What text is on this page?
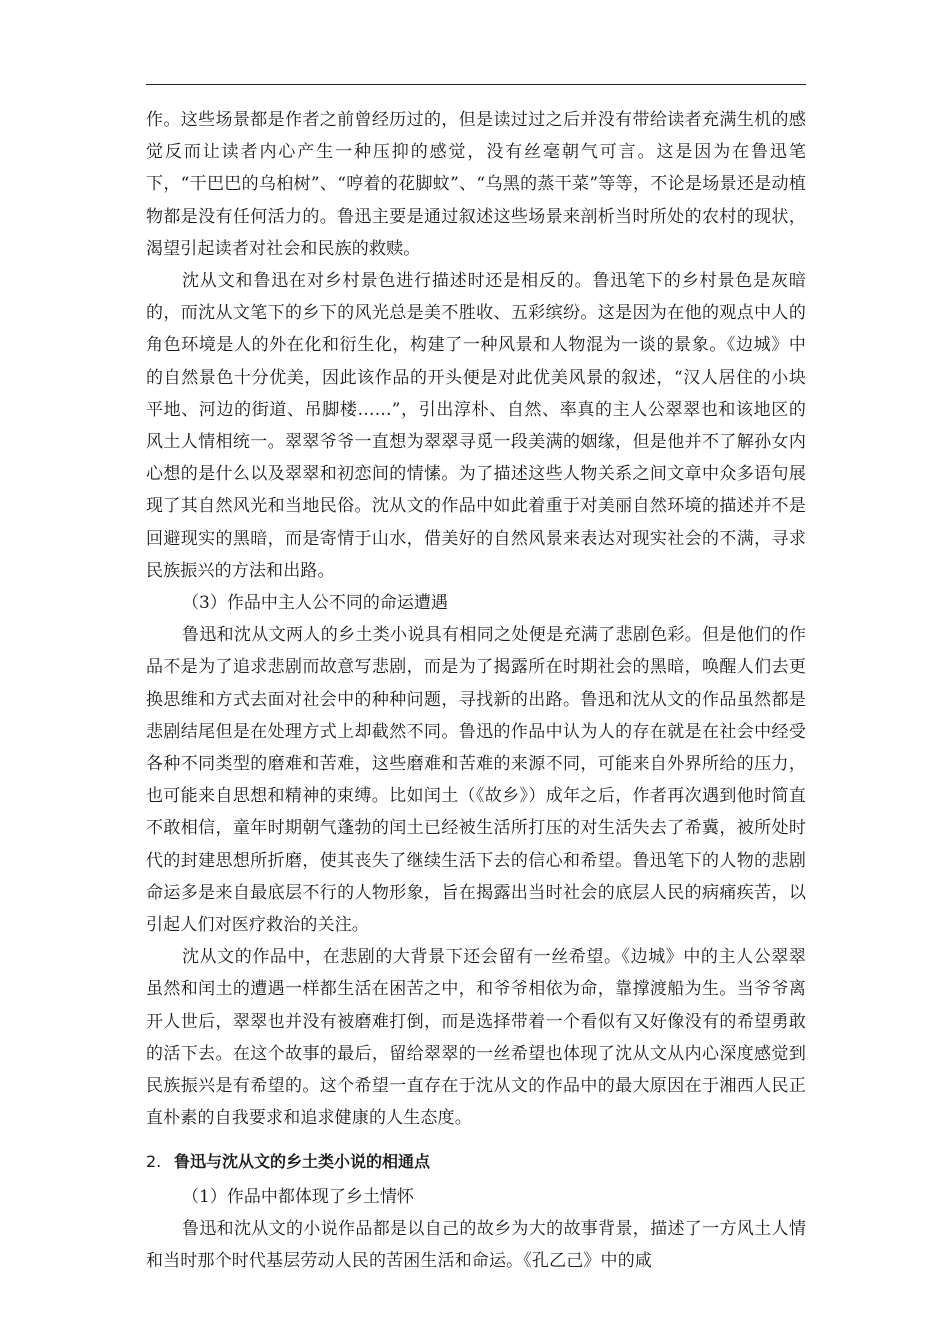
作。这些场景都是作者之前曾经历过的，但是读过过之后并没有带给读者充满生机的感觉反而让读者内心产生一种压抑的感觉，没有丝毫朝气可言。这是因为在鲁迅笔下，“干巴巴的乌桕树”、“哼着的花脚蚊”、“乌黑的蒸干菜”等等，不论是场景还是动植物都是没有任何活力的。鲁迅主要是通过叙述这些场景来剖析当时所处的农村的现状，渴望引起读者对社会和民族的救赎。

沈从文和鲁迅在对乡村景色进行描述时还是相反的。鲁迅笔下的乡村景色是灰暗的，而沈从文笔下的乡下的风光总是美不胜收、五彩缤纷。这是因为在他的观点中人的角色环境是人的外在化和衍生化，构建了一种风景和人物混为一谈的景象。《边城》中的自然景色十分优美，因此该作品的开头便是对此优美风景的叙述，“汉人居住的小块平地、河边的街道、吊脚楼……”，引出淳朴、自然、率真的主人公翠翠也和该地区的风土人情相统一。翠翠爷爷一直想为翠翠寻觅一段美满的姻缘，但是他并不了解孙女内心想的是什么以及翠翠和初恋间的情愫。为了描述这些人物关系之间文章中众多语句展现了其自然风光和当地民俗。沈从文的作品中如此着重于对美丽自然环境的描述并不是回避现实的黑暗，而是寄情于山水，借美好的自然风景来表达对现实社会的不满，寻求民族振兴的方法和出路。

（3）作品中主人公不同的命运遭遇

鲁迅和沈从文两人的乡土类小说具有相同之处便是充满了悲剧色彩。但是他们的作品不是为了追求悲剧而故意写悲剧，而是为了揭露所在时期社会的黑暗，唤醒人们去更换思维和方式去面对社会中的种种问题，寻找新的出路。鲁迅和沈从文的作品虽然都是悲剧结尾但是在处理方式上却截然不同。鲁迅的作品中认为人的存在就是在社会中经受各种不同类型的磨难和苦难，这些磨难和苦难的来源不同，可能来自外界所给的压力，也可能来自思想和精神的束缚。比如闰土（《故乡》）成年之后，作者再次遇到他时简直不敢相信，童年时期朝气蓬勃的闰土已经被生活所打压的对生活失去了希冀，被所处时代的封建思想所折磨，使其丧失了继续生活下去的信心和希望。鲁迅笔下的人物的悲剧命运多是来自最底层不行的人物形象，旨在揭露出当时社会的底层人民的病痛疾苦，以引起人们对医疗救治的关注。

沈从文的作品中，在悲剧的大背景下还会留有一丝希望。《边城》中的主人公翠翠虽然和闰土的遭遇一样都生活在困苦之中，和爷爷相依为命，靠撑渡船为生。当爷爷离开人世后，翠翠也并没有被磨难打倒，而是选择带着一个看似有又好像没有的希望勇敢的活下去。在这个故事的最后，留给翠翠的一丝希望也体现了沈从文从内心深度感觉到民族振兴是有希望的。这个希望一直存在于沈从文的作品中的最大原因在于湘西人民正直朴素的自我要求和追求健康的人生态度。

2. 鲁迅与沈从文的乡土类小说的相通点

（1）作品中都体现了乡土情怀

鲁迅和沈从文的小说作品都是以自己的故乡为大的故事背景，描述了一方风土人情和当时那个时代基层劳动人民的苦困生活和命运。《孔乙己》中的咸
